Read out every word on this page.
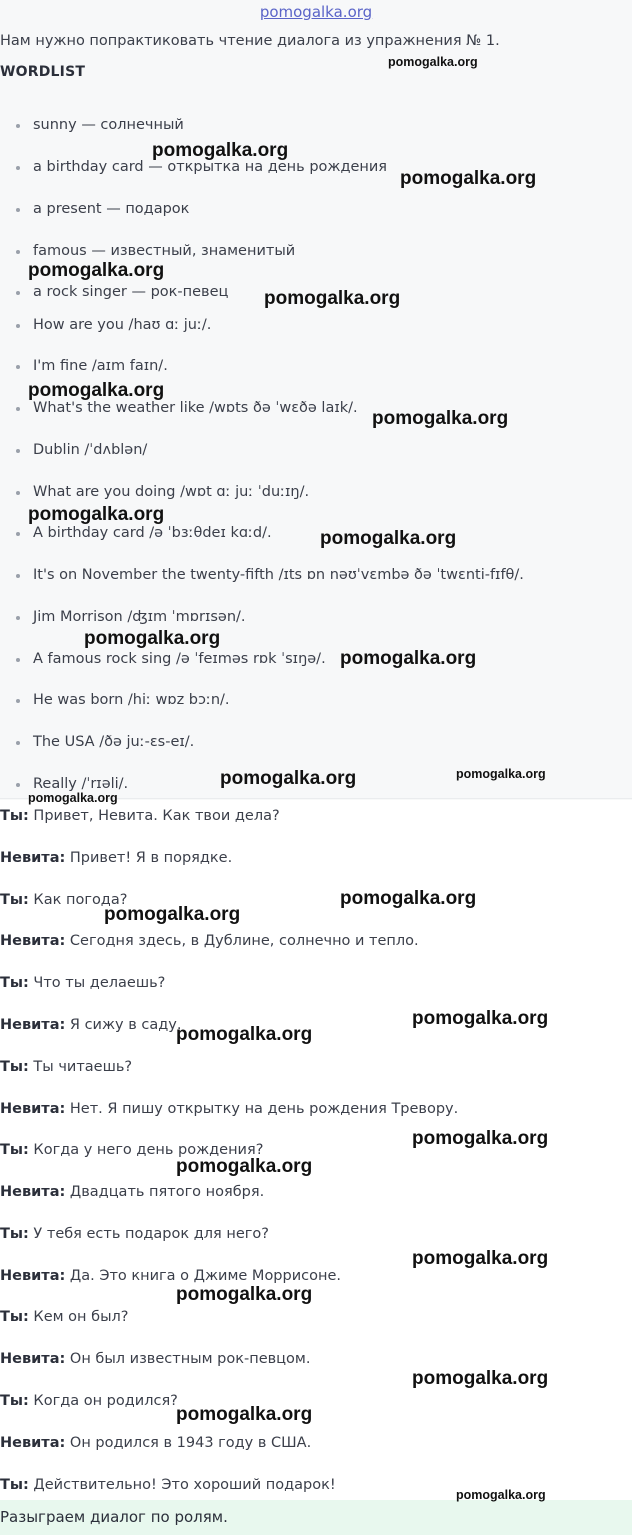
pomogalka.org
Нам нужно попрактиковать чтение диалога из упражнения № 1.
WORDLIST
sunny — солнечный
a birthday card — открытка на день рождения
a present — подарок
famous — известный, знаменитый
a rock singer — рок-певец
How are you /haʊ ɑː juː/.
I'm fine /aɪm faɪn/.
What's the weather like /wɒts ðə ˈwɛðə laɪk/.
Dublin /ˈdʌblən/
What are you doing /wɒt ɑː juː ˈduːɪŋ/.
A birthday card /ə ˈbɜːθdeɪ kɑːd/.
It's on November the twenty-fifth /ɪts ɒn nəʊˈvɛmbə ðə ˈtwɛnti-fɪfθ/.
Jim Morrison /ʤɪm ˈmɒrɪsən/.
A famous rock sing /ə ˈfeɪməs rɒk ˈsɪŋə/.
He was born /hiː wɒz bɔːn/.
The USA /ðə juː-ɛs-eɪ/.
Really /ˈrɪəli/.
Ты: Привет, Невита. Как твои дела?
Невита: Привет! Я в порядке.
Ты: Как погода?
Невита: Сегодня здесь, в Дублине, солнечно и тепло.
Ты: Что ты делаешь?
Невита: Я сижу в саду.
Ты: Ты читаешь?
Невита: Нет. Я пишу открытку на день рождения Тревору.
Ты: Когда у него день рождения?
Невита: Двадцать пятого ноября.
Ты: У тебя есть подарок для него?
Невита: Да. Это книга о Джиме Моррисоне.
Ты: Кем он был?
Невита: Он был известным рок-певцом.
Ты: Когда он родился?
Невита: Он родился в 1943 году в США.
Ты: Действительно! Это хороший подарок!
Разыграем диалог по ролям.
pomogalka.org
pomogalka.org
pomogalka.org
pomogalka.org
pomogalka.org
pomogalka.org
pomogalka.org
pomogalka.org
pomogalka.org
pomogalka.org
pomogalka.org
pomogalka.org	pomogalka.org
pomogalka.org
pomogalka.org
pomogalka.org
pomogalka.org
pomogalka.org
pomogalka.org
pomogalka.org
pomogalka.org
pomogalka.org
pomogalka.org
pomogalka.org
pomogalka.org
